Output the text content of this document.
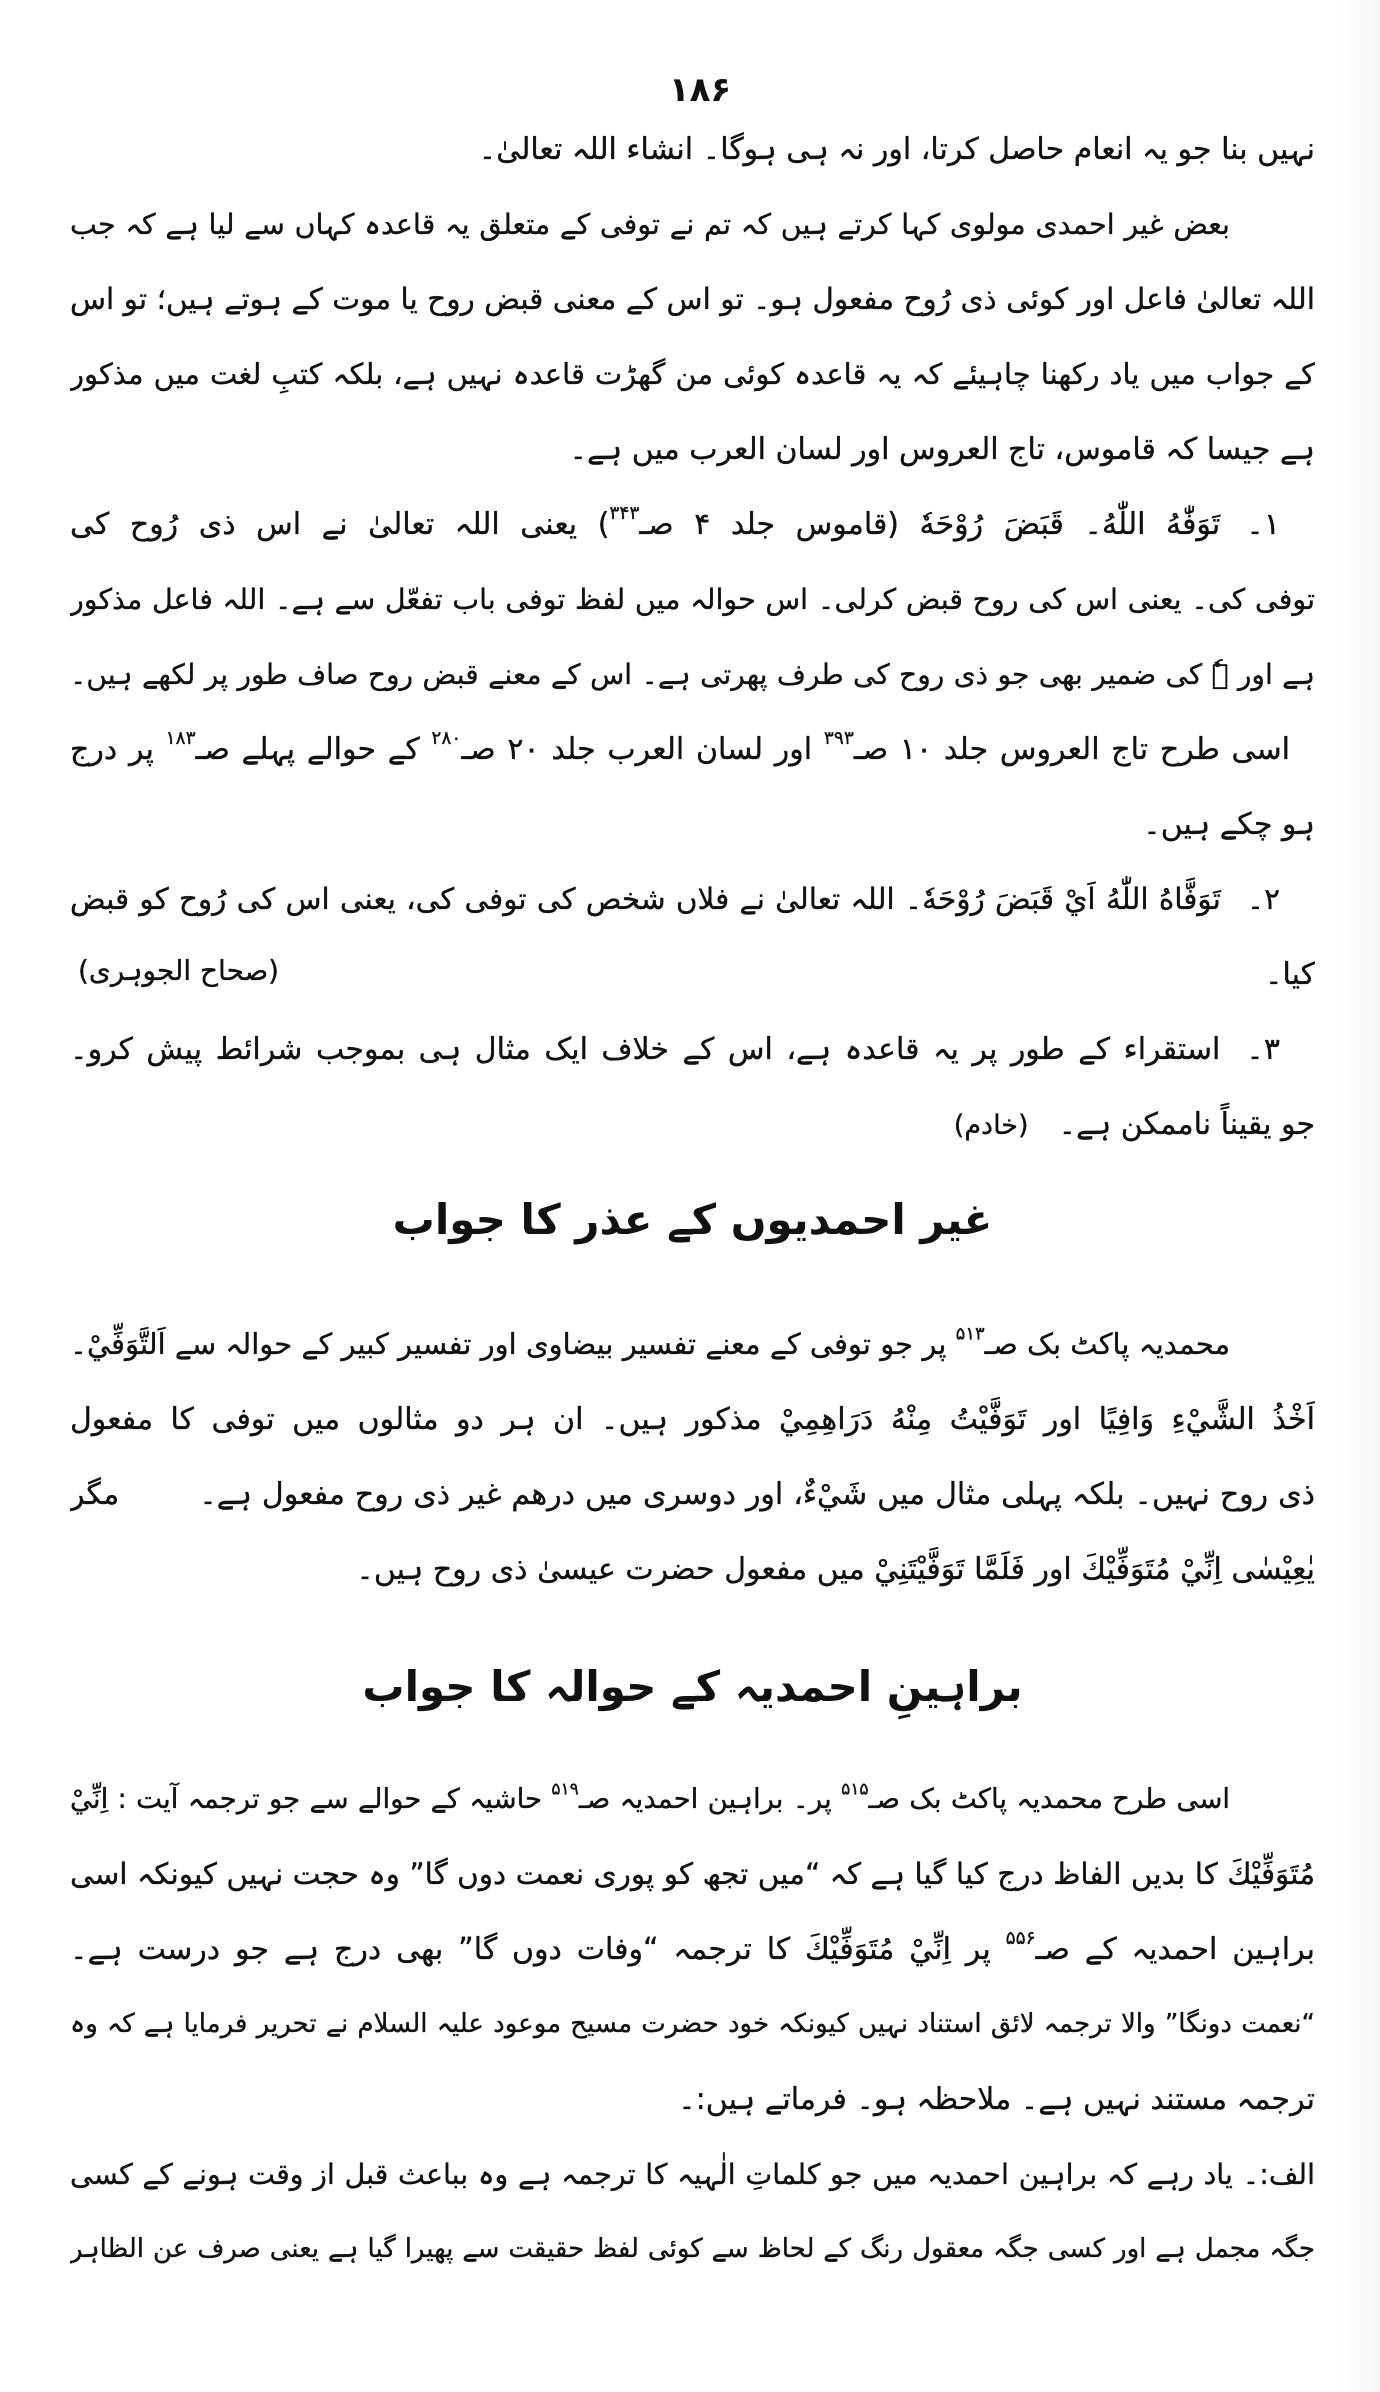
۱۸۶
نہیں بنا جو یہ انعام حاصل کرتا، اور نہ ہی ہوگا۔ انشاء اللہ تعالیٰ۔
بعض غیر احمدی مولوی کہا کرتے ہیں کہ تم نے توفی کے متعلق یہ قاعدہ کہاں سے لیا ہے کہ جب
اللہ تعالیٰ فاعل اور کوئی ذی رُوح مفعول ہو۔ تو اس کے معنی قبض روح یا موت کے ہوتے ہیں؛ تو اس
کے جواب میں یاد رکھنا چاہیئے کہ یہ قاعدہ کوئی من گھڑت قاعدہ نہیں ہے، بلکہ کتبِ لغت میں مذکور
ہے جیسا کہ قاموس، تاج العروس اور لسان العرب میں ہے۔
۱۔تَوَفّٰهُ اللّٰهُ۔ قَبَضَ رُوْحَهٗ (قاموس جلد ۴ صـ$^{۳۴۳}$) یعنی اللہ تعالیٰ نے اس ذی رُوح کی
توفی کی۔ یعنی اس کی روح قبض کرلی۔ اس حوالہ میں لفظ توفی باب تفعّل سے ہے۔ اللہ فاعل مذکور
ہے اور ہٗ کی ضمیر بھی جو ذی روح کی طرف پھرتی ہے۔ اس کے معنے قبض روح صاف طور پر لکھے ہیں۔
اسی طرح تاج العروس جلد ۱۰ صـ$^{۳۹۳}$ اور لسان العرب جلد ۲۰ صـ$^{۲۸۰}$ کے حوالے پہلے صـ$^{۱۸۳}$ پر درج
ہو چکے ہیں۔
۲۔تَوَفَّاهُ اللّٰهُ اَيْ قَبَضَ رُوْحَهٗ۔ اللہ تعالیٰ نے فلاں شخص کی توفی کی، یعنی اس کی رُوح کو قبض
کیا۔
(صحاح الجوہری)
۳۔استقراء کے طور پر یہ قاعدہ ہے، اس کے خلاف ایک مثال ہی بموجب شرائط پیش کرو۔
جو یقیناً ناممکن ہے۔(خادم)
غیر احمدیوں کے عذر کا جواب
محمدیہ پاکٹ بک صـ$^{۵۱۳}$ پر جو توفی کے معنے تفسیر بیضاوی اور تفسیر کبیر کے حوالہ سے اَلتَّوَفِّيْ۔
اَخْذُ الشَّيْءِ وَافِيًا اور تَوَفَّيْتُ مِنْهُ دَرَاهِمِيْ مذکور ہیں۔ ان ہر دو مثالوں میں توفی کا مفعول
ذی روح نہیں۔ بلکہ پہلی مثال میں شَيْءٌ، اور دوسری میں درھم غیر ذی روح مفعول ہے۔
مگر
يٰعِيْسٰى اِنِّيْ مُتَوَفِّيْكَ اور فَلَمَّا تَوَفَّيْتَنِيْ میں مفعول حضرت عیسیٰ ذی روح ہیں۔
براہینِ احمدیہ کے حوالہ کا جواب
اسی طرح محمدیہ پاکٹ بک صـ$^{۵۱۵}$ پر۔ براہین احمدیہ صـ$^{۵۱۹}$ حاشیہ کے حوالے سے جو ترجمہ آیت : اِنِّيْ
مُتَوَفِّيْكَ کا بدیں الفاظ درج کیا گیا ہے کہ “میں تجھ کو پوری نعمت دوں گا” وہ حجت نہیں کیونکہ اسی
براہین احمدیہ کے صـ$^{۵۵۶}$ پر اِنِّيْ مُتَوَفِّيْكَ کا ترجمہ “وفات دوں گا” بھی درج ہے جو درست ہے۔
“نعمت دونگا” والا ترجمہ لائق استناد نہیں کیونکہ خود حضرت مسیح موعود علیہ السلام نے تحریر فرمایا ہے کہ وہ
ترجمہ مستند نہیں ہے۔ ملاحظہ ہو۔ فرماتے ہیں:۔
الف:۔ یاد رہے کہ براہین احمدیہ میں جو کلماتِ الٰہیہ کا ترجمہ ہے وہ بباعث قبل از وقت ہونے کے کسی
جگہ مجمل ہے اور کسی جگہ معقول رنگ کے لحاظ سے کوئی لفظ حقیقت سے پھیرا گیا ہے یعنی صرف عن الظاہر
